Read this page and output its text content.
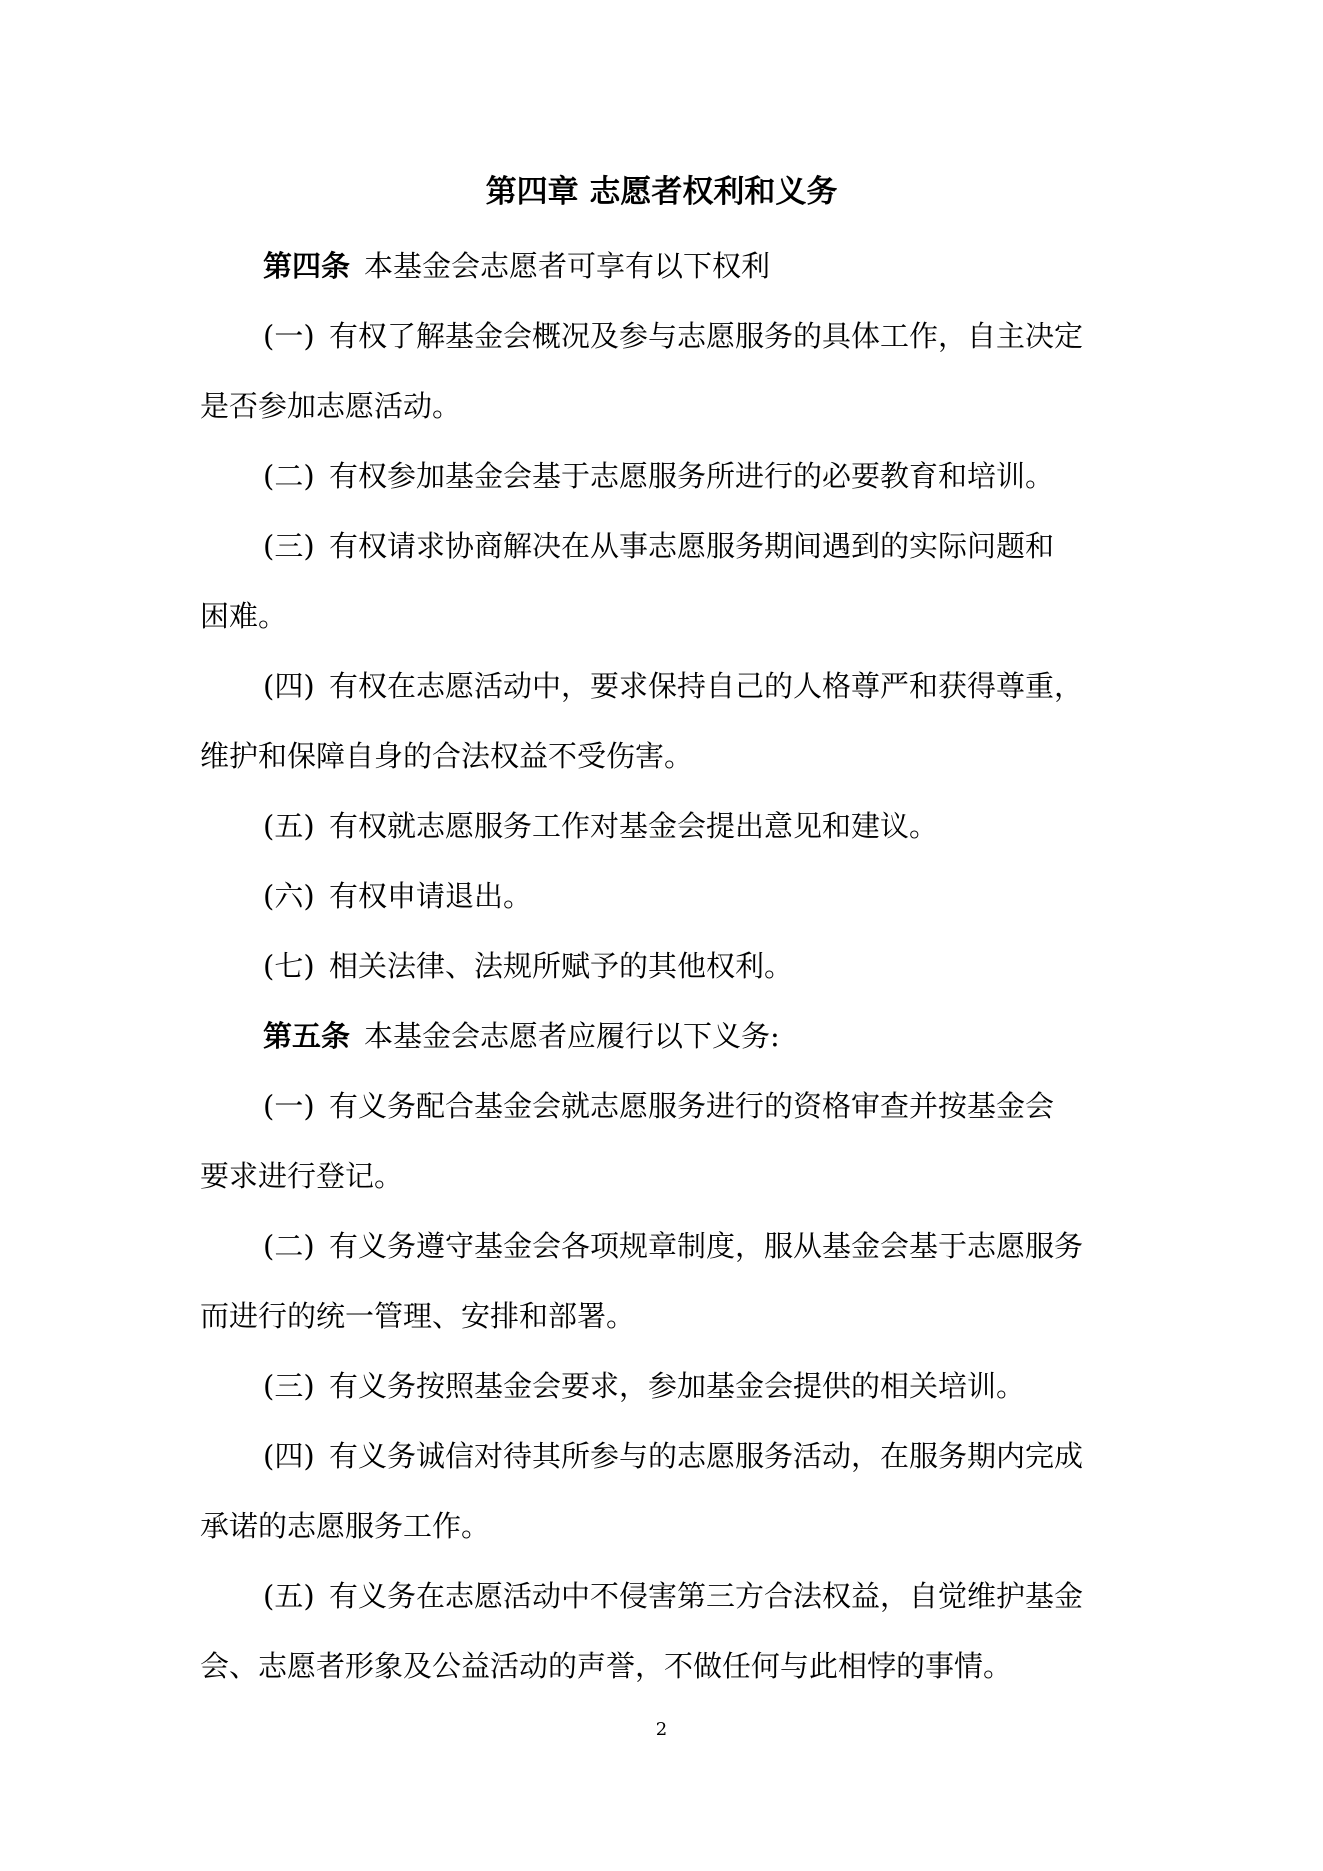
第四章 志愿者权利和义务
第四条 本基金会志愿者可享有以下权利
(一) 有权了解基金会概况及参与志愿服务的具体工作，自主决定
是否参加志愿活动。
(二) 有权参加基金会基于志愿服务所进行的必要教育和培训。
(三) 有权请求协商解决在从事志愿服务期间遇到的实际问题和
困难。
(四) 有权在志愿活动中，要求保持自己的人格尊严和获得尊重，
维护和保障自身的合法权益不受伤害。
(五) 有权就志愿服务工作对基金会提出意见和建议。
(六) 有权申请退出。
(七) 相关法律、法规所赋予的其他权利。
第五条 本基金会志愿者应履行以下义务:
(一) 有义务配合基金会就志愿服务进行的资格审查并按基金会
要求进行登记。
(二) 有义务遵守基金会各项规章制度，服从基金会基于志愿服务
而进行的统一管理、安排和部署。
(三) 有义务按照基金会要求，参加基金会提供的相关培训。
(四) 有义务诚信对待其所参与的志愿服务活动，在服务期内完成
承诺的志愿服务工作。
(五) 有义务在志愿活动中不侵害第三方合法权益，自觉维护基金
会、志愿者形象及公益活动的声誉，不做任何与此相悖的事情。
2
